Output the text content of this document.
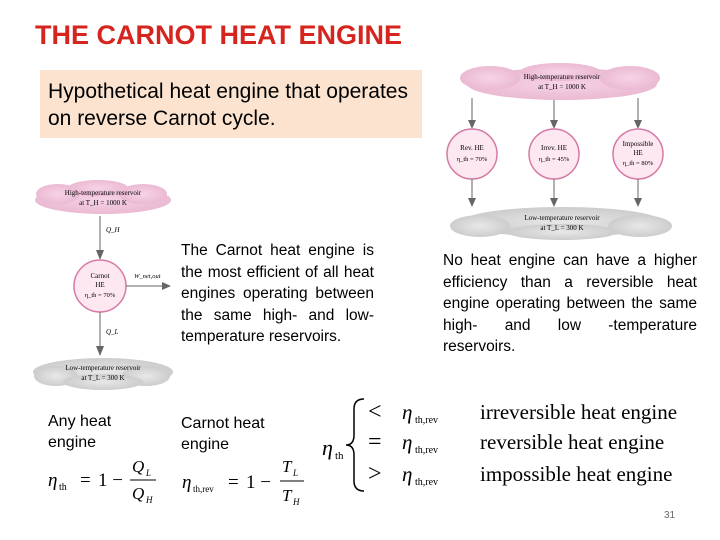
THE CARNOT HEAT ENGINE
Hypothetical heat engine that operates on reverse Carnot cycle.
High-temperature reservoir
at T_H = 1000 K
Q_H
Carnot
HE
η_th = 70%
W_net,out
Q_L
Low-temperature reservoir
at T_L = 300 K
High-temperature reservoir
at T_H = 1000 K
Rev. HE
η_th = 70%
Irrev. HE
η_th = 45%
Impossible
HE
η_th = 80%
Low-temperature reservoir
at T_L = 300 K
The Carnot heat engine is the most efficient of all heat engines operating between the same high- and low-temperature reservoirs.
No heat engine can have a higher efficiency than a reversible heat engine operating between the same high- and low -temperature reservoirs.
Any heat engine
Carnot heat engine
η th = 1 −
Q L
Q H
η th,rev = 1 −
T L
T H
η th
< η th,rev irreversible heat engine
= η th,rev reversible heat engine
> η th,rev impossible heat engine
31
